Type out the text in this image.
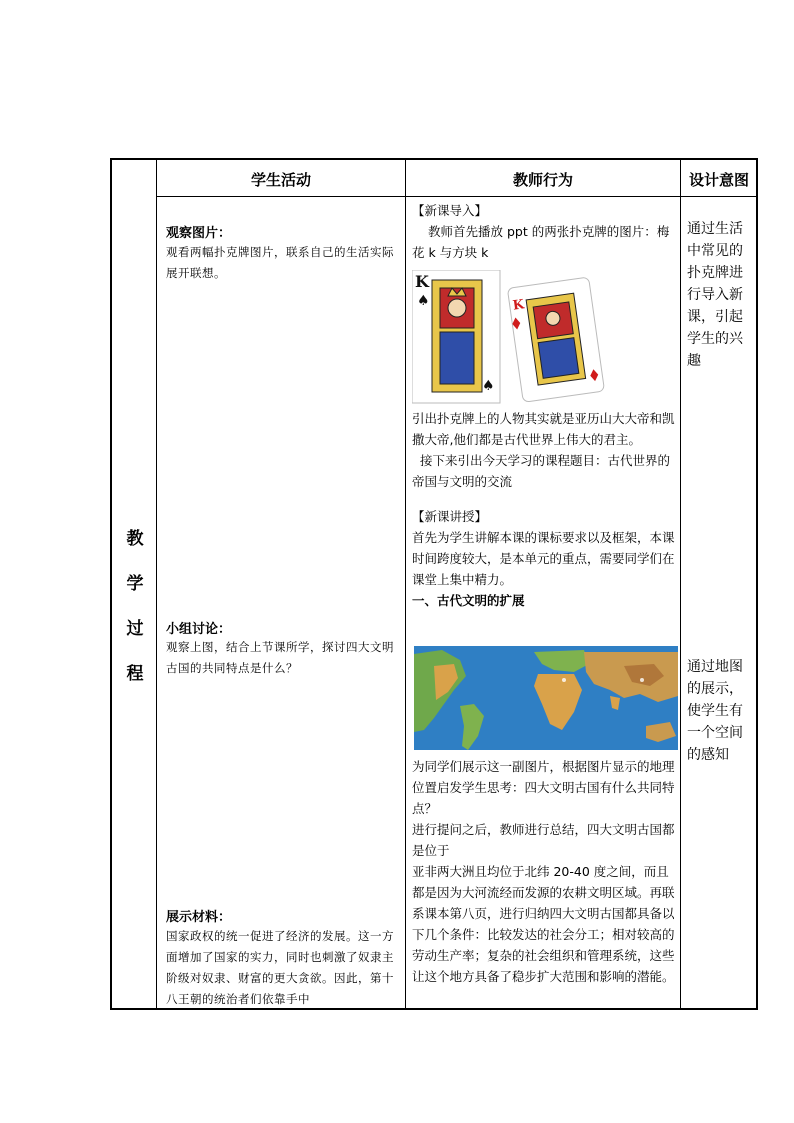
学生活动	教师行为	设计意图
教
学
过
程
观察图片：
观看两幅扑克牌图片，联系自己的生活实际展开联想。
小组讨论：
观察上图，结合上节课所学，探讨四大文明古国的共同特点是什么？
展示材料：
国家政权的统一促进了经济的发展。这一方面增加了国家的实力，同时也刺激了奴隶主阶级对奴隶、财富的更大贪欲。因此，第十八王朝的统治者们依靠手中

【新课导入】

教师首先播放 ppt 的两张扑克牌的图片：梅花 k 与方块 k

K
♠
♠
K

引出扑克牌上的人物其实就是亚历山大大帝和凯撒大帝,他们都是古代世界上伟大的君主。

接下来引出今天学习的课程题目：古代世界的帝国与文明的交流

【新课讲授】

首先为学生讲解本课的课标要求以及框架，本课时间跨度较大，是本单元的重点，需要同学们在课堂上集中精力。

一、古代文明的扩展

为同学们展示这一副图片，根据图片显示的地理位置启发学生思考：四大文明古国有什么共同特点？

进行提问之后，教师进行总结，四大文明古国都是位于

亚非两大洲且均位于北纬 20-40 度之间，而且都是因为大河流经而发源的农耕文明区域。再联系课本第八页，进行归纳四大文明古国都具备以下几个条件：比较发达的社会分工；相对较高的劳动生产率；复杂的社会组织和管理系统，这些让这个地方具备了稳步扩大范围和影响的潜能。

通过生活中常见的扑克牌进行导入新课，引起学生的兴趣
通过地图的展示，使学生有一个空间的感知
